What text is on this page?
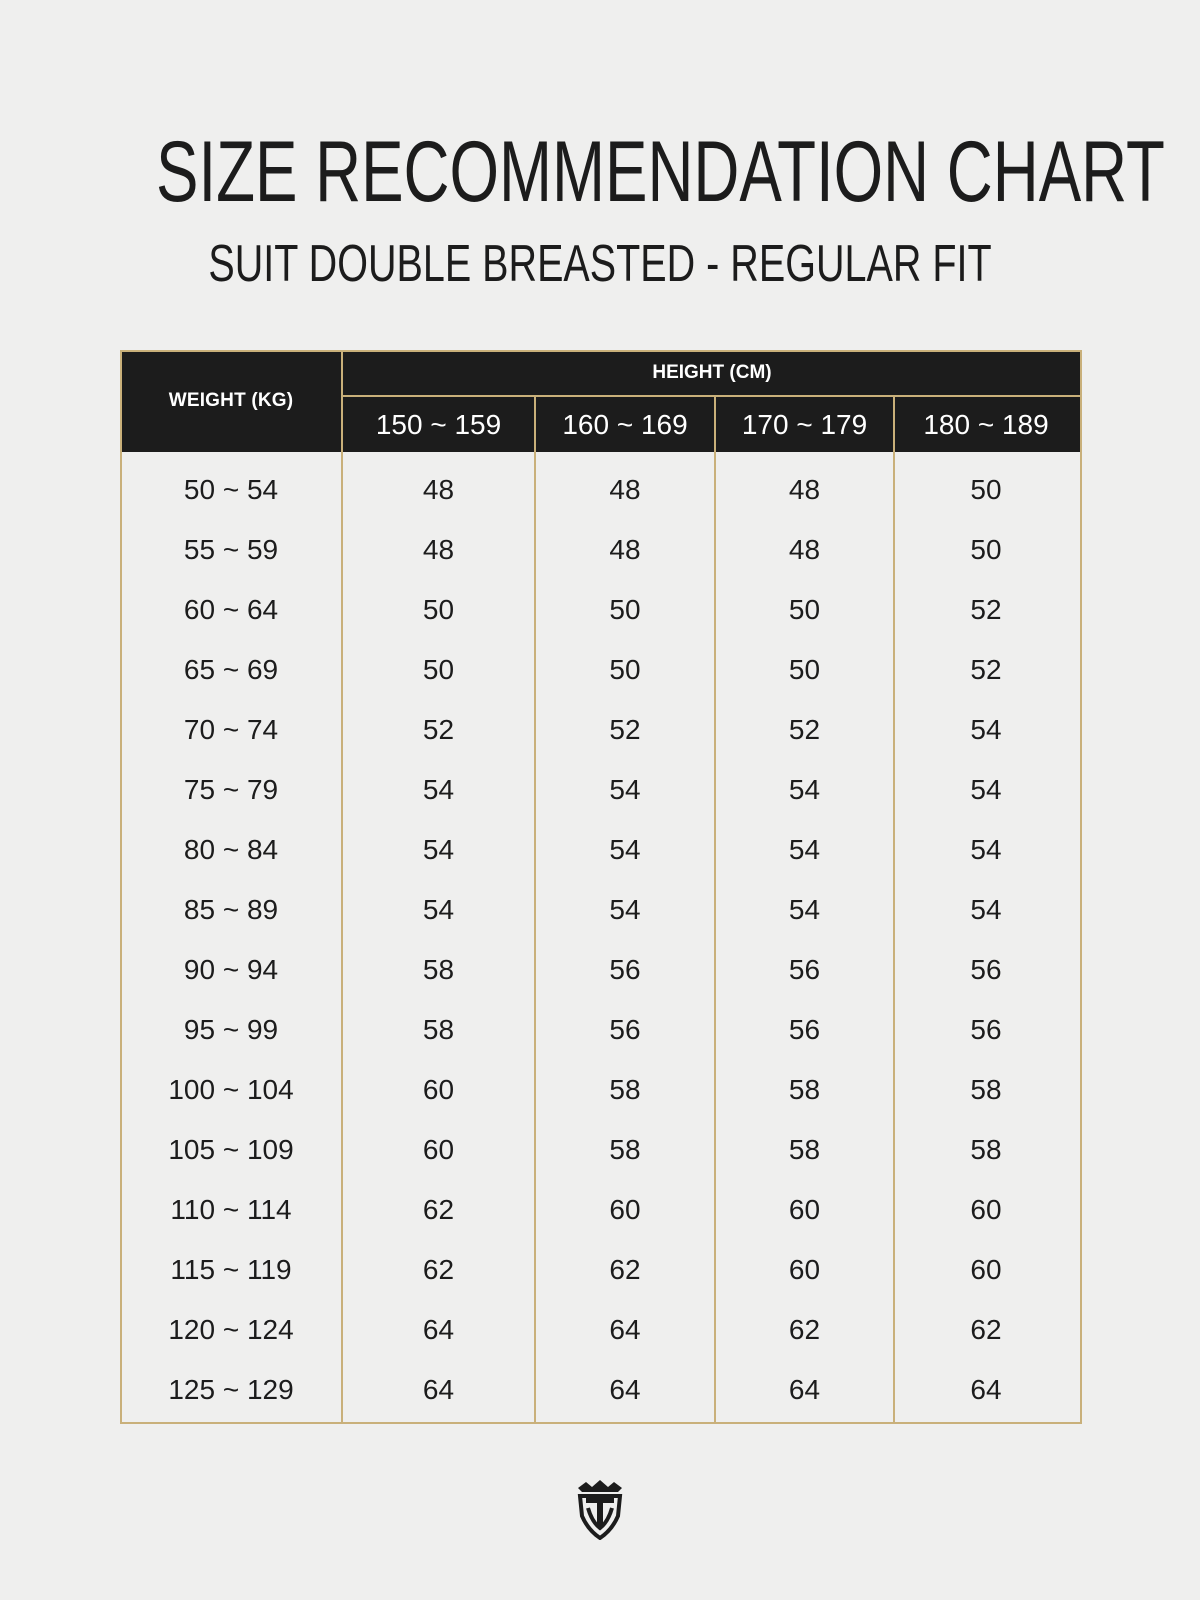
SIZE RECOMMENDATION CHART
SUIT DOUBLE BREASTED - REGULAR FIT
WEIGHT (KG)
HEIGHT (CM)
150 ~ 159	160 ~ 169	170 ~ 179	180 ~ 189
50 ~ 54	48	48	48	50
55 ~ 59	48	48	48	50
60 ~ 64	50	50	50	52
65 ~ 69	50	50	50	52
70 ~ 74	52	52	52	54
75 ~ 79	54	54	54	54
80 ~ 84	54	54	54	54
85 ~ 89	54	54	54	54
90 ~ 94	58	56	56	56
95 ~ 99	58	56	56	56
100 ~ 104	60	58	58	58
105 ~ 109	60	58	58	58
110 ~ 114	62	60	60	60
115 ~ 119	62	62	60	60
120 ~ 124	64	64	62	62
125 ~ 129	64	64	64	64
